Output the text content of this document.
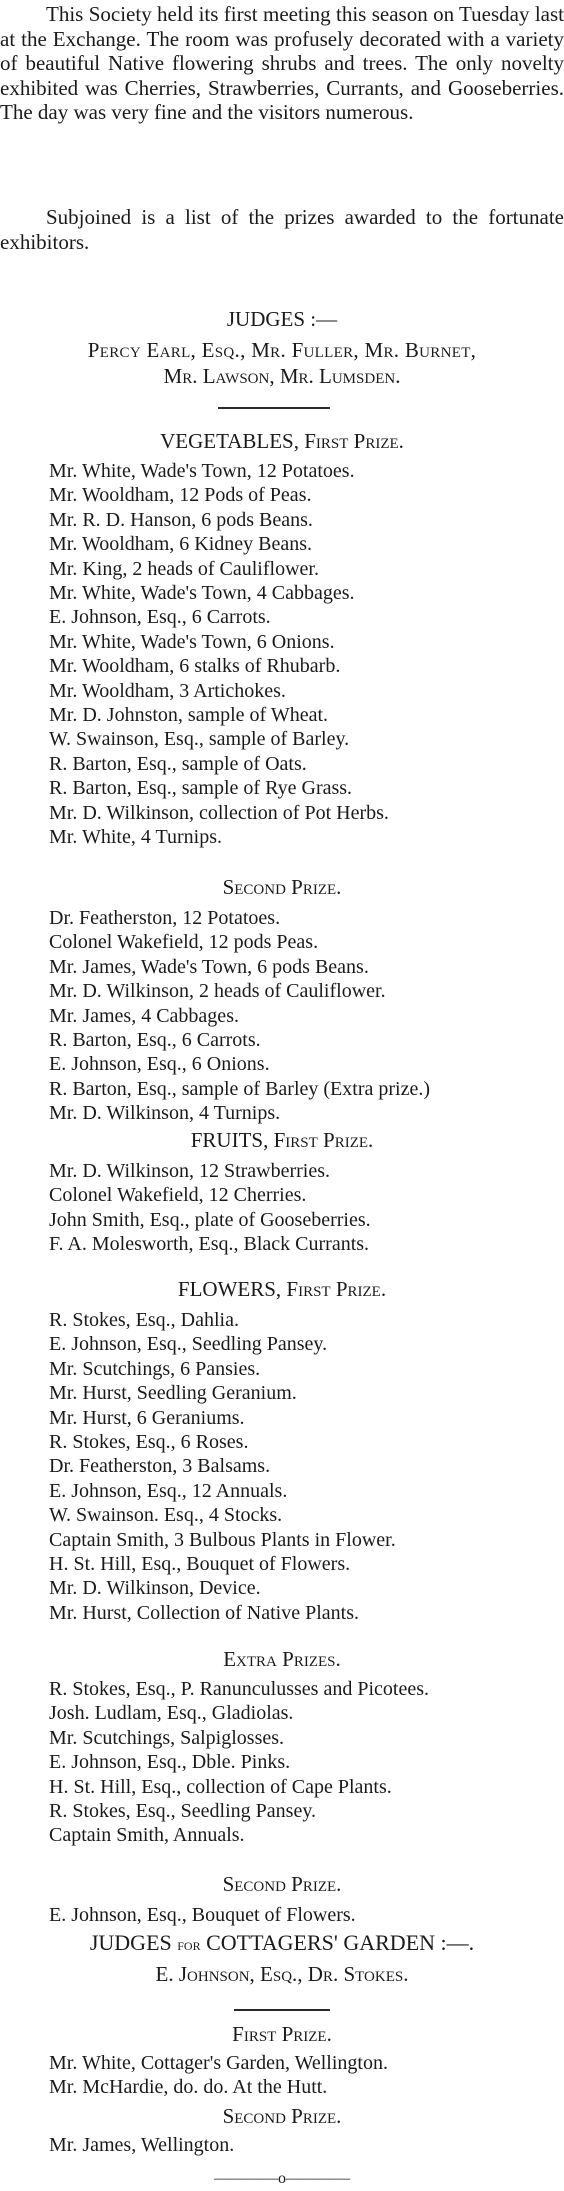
This Society held its first meeting this season on Tuesday last at the Exchange. The room was profusely decorated with a variety of beautiful Native flowering shrubs and trees. The only novelty exhibited was Cherries, Strawberries, Currants, and Gooseberries. The day was very fine and the visitors numerous.

Subjoined is a list of the prizes awarded to the fortunate exhibitors.

JUDGES :—

Percy Earl, Esq., Mr. Fuller, Mr. Burnet,

Mr. Lawson, Mr. Lumsden.

VEGETABLES, First Prize.

Mr. White, Wade's Town, 12 Potatoes.
Mr. Wooldham, 12 Pods of Peas.
Mr. R. D. Hanson, 6 pods Beans.
Mr. Wooldham, 6 Kidney Beans.
Mr. King, 2 heads of Cauliflower.
Mr. White, Wade's Town, 4 Cabbages.
E. Johnson, Esq., 6 Carrots.
Mr. White, Wade's Town, 6 Onions.
Mr. Wooldham, 6 stalks of Rhubarb.
Mr. Wooldham, 3 Artichokes.
Mr. D. Johnston, sample of Wheat.
W. Swainson, Esq., sample of Barley.
R. Barton, Esq., sample of Oats.
R. Barton, Esq., sample of Rye Grass.
Mr. D. Wilkinson, collection of Pot Herbs.
Mr. White, 4 Turnips.

Second Prize.

Dr. Featherston, 12 Potatoes.
Colonel Wakefield, 12 pods Peas.
Mr. James, Wade's Town, 6 pods Beans.
Mr. D. Wilkinson, 2 heads of Cauliflower.
Mr. James, 4 Cabbages.
R. Barton, Esq., 6 Carrots.
E. Johnson, Esq., 6 Onions.
R. Barton, Esq., sample of Barley (Extra prize.)
Mr. D. Wilkinson, 4 Turnips.

FRUITS, First Prize.

Mr. D. Wilkinson, 12 Strawberries.
Colonel Wakefield, 12 Cherries.
John Smith, Esq., plate of Gooseberries.
F. A. Molesworth, Esq., Black Currants.

FLOWERS, First Prize.

R. Stokes, Esq., Dahlia.
E. Johnson, Esq., Seedling Pansey.
Mr. Scutchings, 6 Pansies.
Mr. Hurst, Seedling Geranium.
Mr. Hurst, 6 Geraniums.
R. Stokes, Esq., 6 Roses.
Dr. Featherston, 3 Balsams.
E. Johnson, Esq., 12 Annuals.
W. Swainson. Esq., 4 Stocks.
Captain Smith, 3 Bulbous Plants in Flower.
H. St. Hill, Esq., Bouquet of Flowers.
Mr. D. Wilkinson, Device.
Mr. Hurst, Collection of Native Plants.

Extra Prizes.

R. Stokes, Esq., P. Ranunculusses and Picotees.
Josh. Ludlam, Esq., Gladiolas.
Mr. Scutchings, Salpiglosses.
E. Johnson, Esq., Dble. Pinks.
H. St. Hill, Esq., collection of Cape Plants.
R. Stokes, Esq., Seedling Pansey.
Captain Smith, Annuals.

Second Prize.

E. Johnson, Esq., Bouquet of Flowers.

JUDGES for COTTAGERS' GARDEN :—.

E. Johnson, Esq., Dr. Stokes.

First Prize.

Mr. White, Cottager's Garden, Wellington.
Mr. McHardie, do. do. At the Hutt.

Second Prize.

Mr. James, Wellington.
————o————
